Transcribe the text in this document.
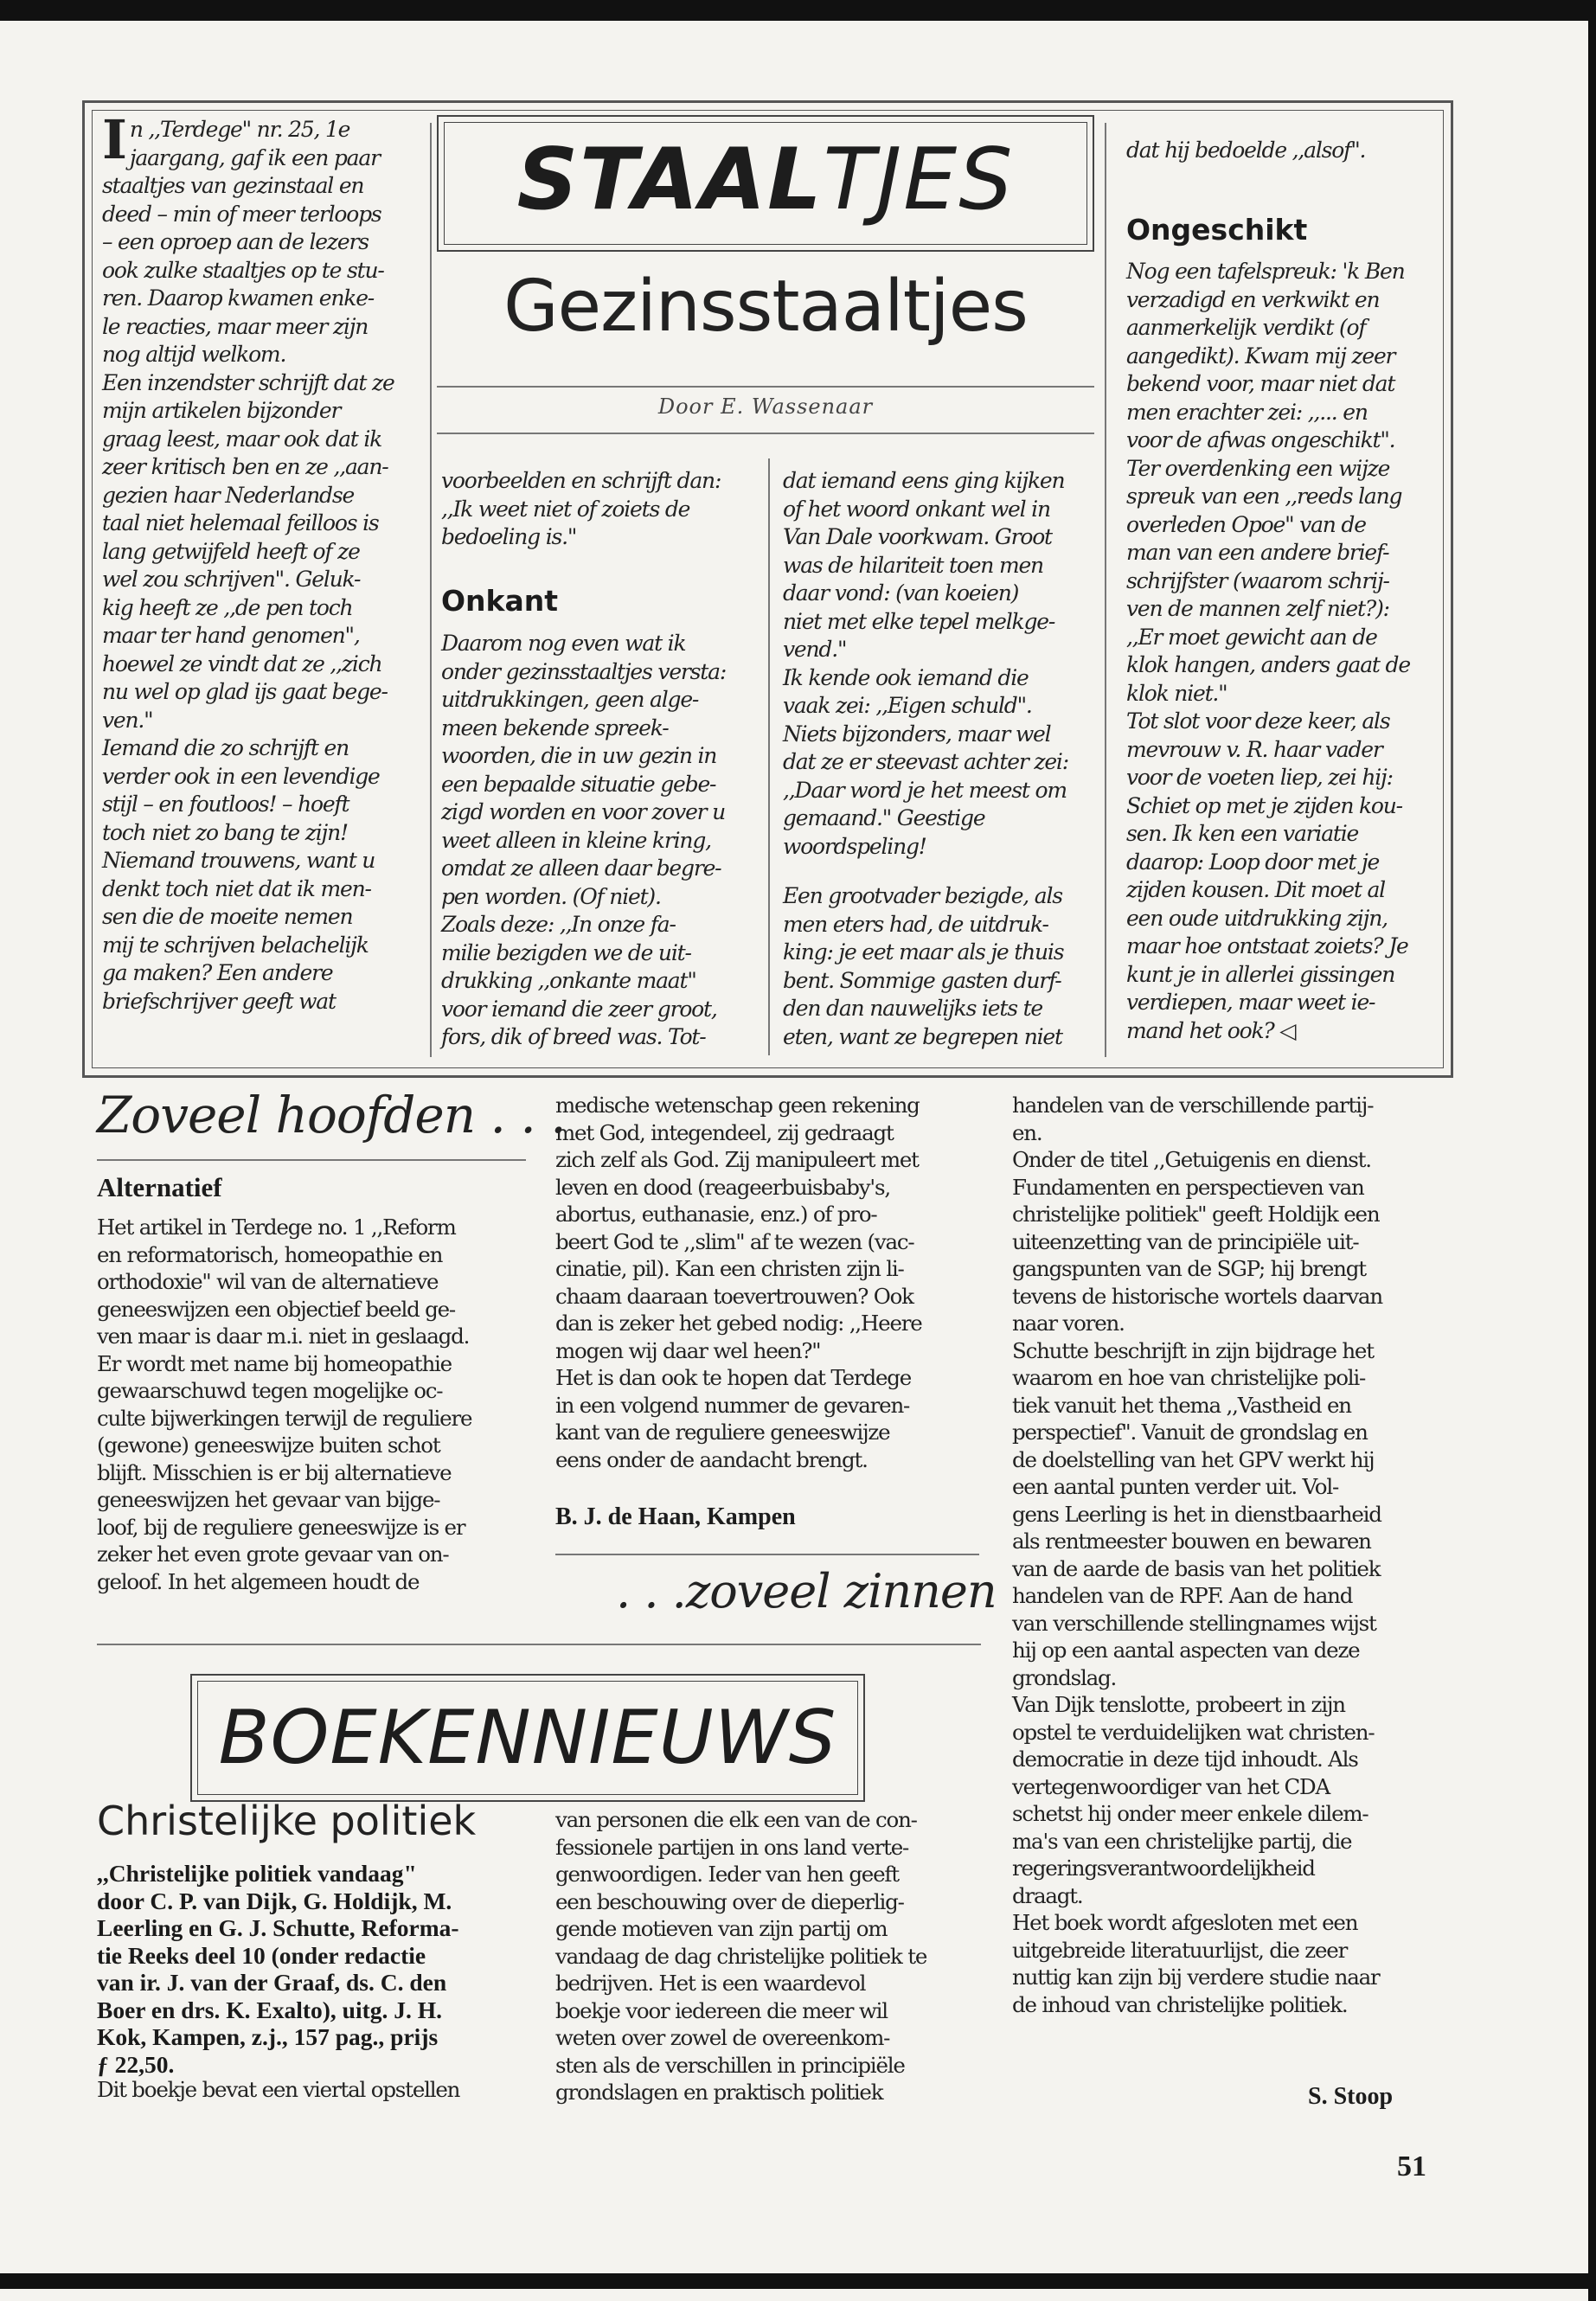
In ,,Terdege" nr. 25, 1e
jaargang, gaf ik een paar
staaltjes van gezinstaal en
deed – min of meer terloops
– een oproep aan de lezers
ook zulke staaltjes op te stu-
ren. Daarop kwamen enke-
le reacties, maar meer zijn
nog altijd welkom.
Een inzendster schrijft dat ze
mijn artikelen bijzonder
graag leest, maar ook dat ik
zeer kritisch ben en ze ,,aan-
gezien haar Nederlandse
taal niet helemaal feilloos is
lang getwijfeld heeft of ze
wel zou schrijven". Geluk-
kig heeft ze ,,de pen toch
maar ter hand genomen",
hoewel ze vindt dat ze ,,zich
nu wel op glad ijs gaat bege-
ven."
Iemand die zo schrijft en
verder ook in een levendige
stijl – en foutloos! – hoeft
toch niet zo bang te zijn!
Niemand trouwens, want u
denkt toch niet dat ik men-
sen die de moeite nemen
mij te schrijven belachelijk
ga maken? Een andere
briefschrijver geeft wat
STAALTJES
Gezinsstaaltjes
Door E. Wassenaar
voorbeelden en schrijft dan:
,,Ik weet niet of zoiets de
bedoeling is."
Onkant
Daarom nog even wat ik
onder gezinsstaaltjes versta:
uitdrukkingen, geen alge-
meen bekende spreek-
woorden, die in uw gezin in
een bepaalde situatie gebe-
zigd worden en voor zover u
weet alleen in kleine kring,
omdat ze alleen daar begre-
pen worden. (Of niet).
Zoals deze: ,,In onze fa-
milie bezigden we de uit-
drukking ,,onkante maat"
voor iemand die zeer groot,
fors, dik of breed was. Tot-
dat iemand eens ging kijken
of het woord onkant wel in
Van Dale voorkwam. Groot
was de hilariteit toen men
daar vond: (van koeien)
niet met elke tepel melkge-
vend."
Ik kende ook iemand die
vaak zei: ,,Eigen schuld".
Niets bijzonders, maar wel
dat ze er steevast achter zei:
,,Daar word je het meest om
gemaand." Geestige
woordspeling!
Een grootvader bezigde, als
men eters had, de uitdruk-
king: je eet maar als je thuis
bent. Sommige gasten durf-
den dan nauwelijks iets te
eten, want ze begrepen niet
dat hij bedoelde ,,alsof".
Ongeschikt
Nog een tafelspreuk: 'k Ben
verzadigd en verkwikt en
aanmerkelijk verdikt (of
aangedikt). Kwam mij zeer
bekend voor, maar niet dat
men erachter zei: ,,... en
voor de afwas ongeschikt".
Ter overdenking een wijze
spreuk van een ,,reeds lang
overleden Opoe" van de
man van een andere brief-
schrijfster (waarom schrij-
ven de mannen zelf niet?):
,,Er moet gewicht aan de
klok hangen, anders gaat de
klok niet."
Tot slot voor deze keer, als
mevrouw v. R. haar vader
voor de voeten liep, zei hij:
Schiet op met je zijden kou-
sen. Ik ken een variatie
daarop: Loop door met je
zijden kousen. Dit moet al
een oude uitdrukking zijn,
maar hoe ontstaat zoiets? Je
kunt je in allerlei gissingen
verdiepen, maar weet ie-
mand het ook? ◁
Zoveel hoofden . . .
Alternatief
Het artikel in Terdege no. 1 ,,Reform
en reformatorisch, homeopathie en
orthodoxie" wil van de alternatieve
geneeswijzen een objectief beeld ge-
ven maar is daar m.i. niet in geslaagd.
Er wordt met name bij homeopathie
gewaarschuwd tegen mogelijke oc-
culte bijwerkingen terwijl de reguliere
(gewone) geneeswijze buiten schot
blijft. Misschien is er bij alternatieve
geneeswijzen het gevaar van bijge-
loof, bij de reguliere geneeswijze is er
zeker het even grote gevaar van on-
geloof. In het algemeen houdt de
medische wetenschap geen rekening
met God, integendeel, zij gedraagt
zich zelf als God. Zij manipuleert met
leven en dood (reageerbuisbaby's,
abortus, euthanasie, enz.) of pro-
beert God te ,,slim" af te wezen (vac-
cinatie, pil). Kan een christen zijn li-
chaam daaraan toevertrouwen? Ook
dan is zeker het gebed nodig: ,,Heere
mogen wij daar wel heen?"
Het is dan ook te hopen dat Terdege
in een volgend nummer de gevaren-
kant van de reguliere geneeswijze
eens onder de aandacht brengt.
B. J. de Haan, Kampen
. . .zoveel zinnen
BOEKENNIEUWS
Christelijke politiek
,,Christelijke politiek vandaag"
door C. P. van Dijk, G. Holdijk, M.
Leerling en G. J. Schutte, Reforma-
tie Reeks deel 10 (onder redactie
van ir. J. van der Graaf, ds. C. den
Boer en drs. K. Exalto), uitg. J. H.
Kok, Kampen, z.j., 157 pag., prijs
ƒ 22,50.
Dit boekje bevat een viertal opstellen
van personen die elk een van de con-
fessionele partijen in ons land verte-
genwoordigen. Ieder van hen geeft
een beschouwing over de dieperlig-
gende motieven van zijn partij om
vandaag de dag christelijke politiek te
bedrijven. Het is een waardevol
boekje voor iedereen die meer wil
weten over zowel de overeenkom-
sten als de verschillen in principiële
grondslagen en praktisch politiek
handelen van de verschillende partij-
en.
Onder de titel ,,Getuigenis en dienst.
Fundamenten en perspectieven van
christelijke politiek" geeft Holdijk een
uiteenzetting van de principiële uit-
gangspunten van de SGP; hij brengt
tevens de historische wortels daarvan
naar voren.
Schutte beschrijft in zijn bijdrage het
waarom en hoe van christelijke poli-
tiek vanuit het thema ,,Vastheid en
perspectief". Vanuit de grondslag en
de doelstelling van het GPV werkt hij
een aantal punten verder uit. Vol-
gens Leerling is het in dienstbaarheid
als rentmeester bouwen en bewaren
van de aarde de basis van het politiek
handelen van de RPF. Aan de hand
van verschillende stellingnames wijst
hij op een aantal aspecten van deze
grondslag.
Van Dijk tenslotte, probeert in zijn
opstel te verduidelijken wat christen-
democratie in deze tijd inhoudt. Als
vertegenwoordiger van het CDA
schetst hij onder meer enkele dilem-
ma's van een christelijke partij, die
regeringsverantwoordelijkheid
draagt.
Het boek wordt afgesloten met een
uitgebreide literatuurlijst, die zeer
nuttig kan zijn bij verdere studie naar
de inhoud van christelijke politiek.
S. Stoop
51
